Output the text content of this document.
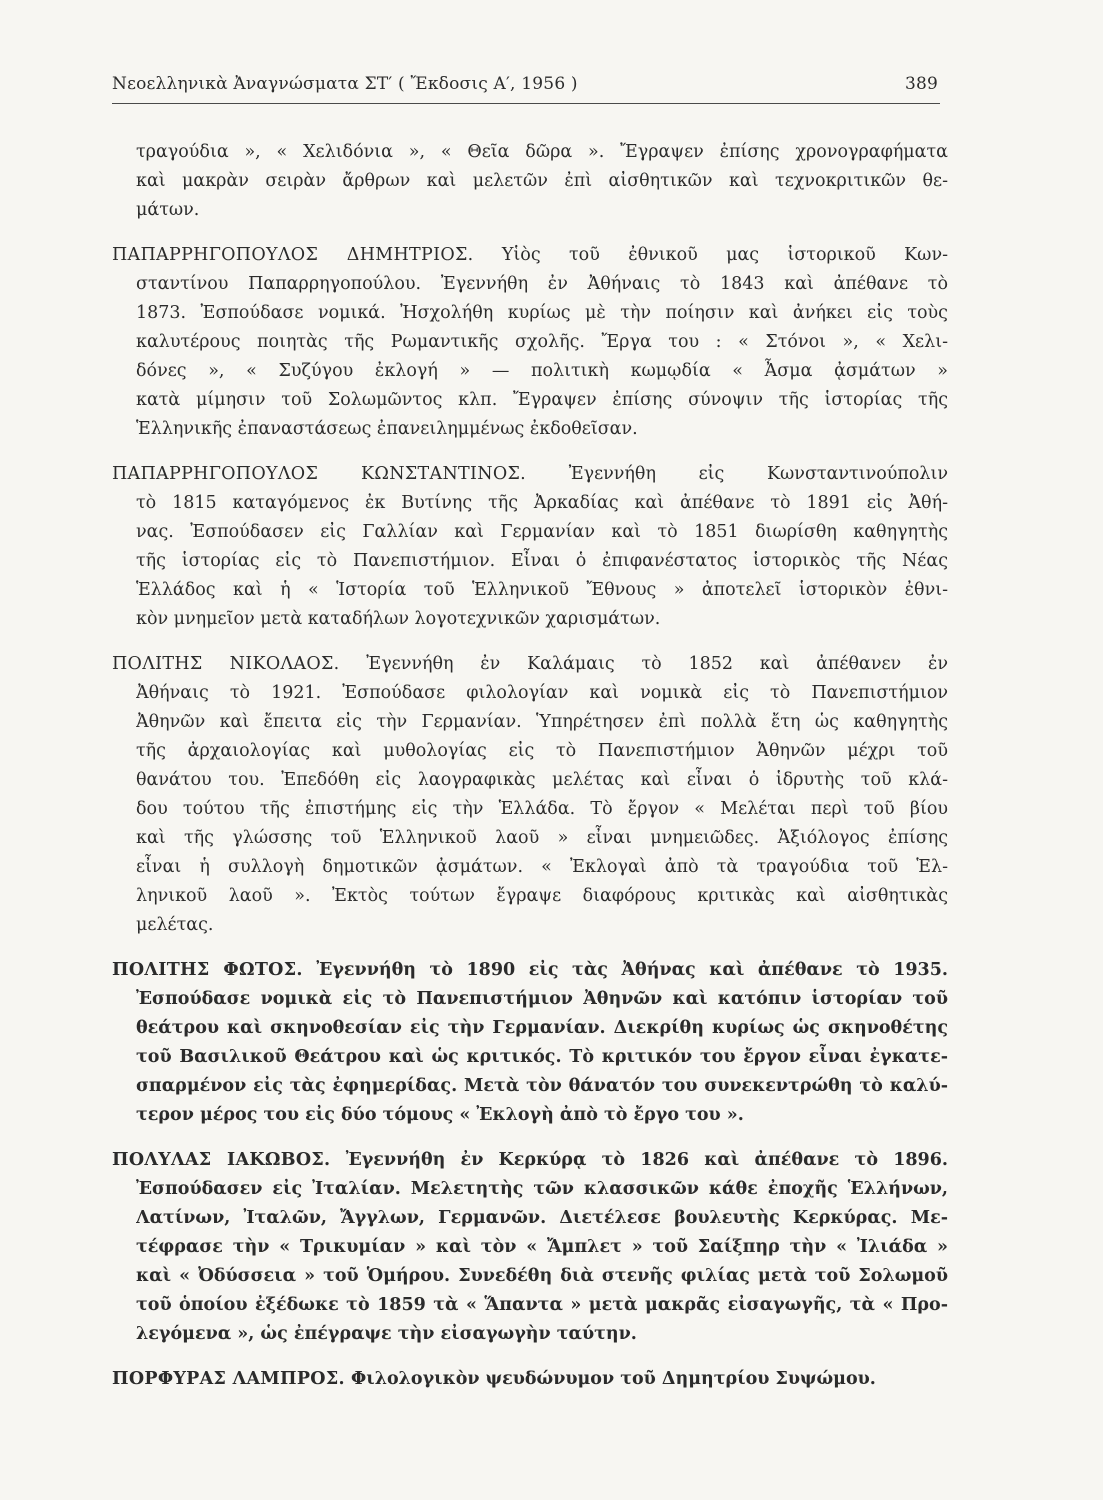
Νεοελληνικὰ Ἀναγνώσματα ΣΤ′ ( Ἔκδοσις Α′, 1956 )	389
τραγούδια », « Χελιδόνια », « Θεῖα δῶρα ». Ἔγραψεν ἐπίσης χρονογραφήματα
καὶ μακρὰν σειρὰν ἄρθρων καὶ μελετῶν ἐπὶ αἰσθητικῶν καὶ τεχνοκριτικῶν θε-
μάτων.
ΠΑΠΑΡΡΗΓΟΠΟΥΛΟΣ ΔΗΜΗΤΡΙΟΣ. Υἱὸς τοῦ ἐθνικοῦ μας ἱστορικοῦ Κων-
σταντίνου Παπαρρηγοπούλου. Ἐγεννήθη ἐν Ἀθήναις τὸ 1843 καὶ ἀπέθανε τὸ
1873. Ἐσπούδασε νομικά. Ἠσχολήθη κυρίως μὲ τὴν ποίησιν καὶ ἀνήκει εἰς τοὺς
καλυτέρους ποιητὰς τῆς Ρωμαντικῆς σχολῆς. Ἔργα του : « Στόνοι », « Χελι-
δόνες », « Συζύγου ἐκλογή » — πολιτικὴ κωμῳδία « Ἆσμα ᾀσμάτων »
κατὰ μίμησιν τοῦ Σολωμῶντος κλπ. Ἔγραψεν ἐπίσης σύνοψιν τῆς ἱστορίας τῆς
Ἑλληνικῆς ἐπαναστάσεως ἐπανειλημμένως ἐκδοθεῖσαν.
ΠΑΠΑΡΡΗΓΟΠΟΥΛΟΣ ΚΩΝΣΤΑΝΤΙΝΟΣ. Ἐγεννήθη εἰς Κωνσταντινούπολιν
τὸ 1815 καταγόμενος ἐκ Βυτίνης τῆς Ἀρκαδίας καὶ ἀπέθανε τὸ 1891 εἰς Ἀθή-
νας. Ἐσπούδασεν εἰς Γαλλίαν καὶ Γερμανίαν καὶ τὸ 1851 διωρίσθη καθηγητὴς
τῆς ἱστορίας εἰς τὸ Πανεπιστήμιον. Εἶναι ὁ ἐπιφανέστατος ἱστορικὸς τῆς Νέας
Ἑλλάδος καὶ ἡ « Ἱστορία τοῦ Ἑλληνικοῦ Ἔθνους » ἀποτελεῖ ἱστορικὸν ἐθνι-
κὸν μνημεῖον μετὰ καταδήλων λογοτεχνικῶν χαρισμάτων.
ΠΟΛΙΤΗΣ ΝΙΚΟΛΑΟΣ. Ἐγεννήθη ἐν Καλάμαις τὸ 1852 καὶ ἀπέθανεν ἐν
Ἀθήναις τὸ 1921. Ἐσπούδασε φιλολογίαν καὶ νομικὰ εἰς τὸ Πανεπιστήμιον
Ἀθηνῶν καὶ ἔπειτα εἰς τὴν Γερμανίαν. Ὑπηρέτησεν ἐπὶ πολλὰ ἔτη ὡς καθηγητὴς
τῆς ἀρχαιολογίας καὶ μυθολογίας εἰς τὸ Πανεπιστήμιον Ἀθηνῶν μέχρι τοῦ
θανάτου του. Ἐπεδόθη εἰς λαογραφικὰς μελέτας καὶ εἶναι ὁ ἱδρυτὴς τοῦ κλά-
δου τούτου τῆς ἐπιστήμης εἰς τὴν Ἑλλάδα. Τὸ ἔργον « Μελέται περὶ τοῦ βίου
καὶ τῆς γλώσσης τοῦ Ἑλληνικοῦ λαοῦ » εἶναι μνημειῶδες. Ἀξιόλογος ἐπίσης
εἶναι ἡ συλλογὴ δημοτικῶν ᾀσμάτων. « Ἐκλογαὶ ἀπὸ τὰ τραγούδια τοῦ Ἑλ-
ληνικοῦ λαοῦ ». Ἐκτὸς τούτων ἔγραψε διαφόρους κριτικὰς καὶ αἰσθητικὰς
μελέτας.
ΠΟΛΙΤΗΣ ΦΩΤΟΣ. Ἐγεννήθη τὸ 1890 εἰς τὰς Ἀθήνας καὶ ἀπέθανε τὸ 1935.
Ἐσπούδασε νομικὰ εἰς τὸ Πανεπιστήμιον Ἀθηνῶν καὶ κατόπιν ἱστορίαν τοῦ
θεάτρου καὶ σκηνοθεσίαν εἰς τὴν Γερμανίαν. Διεκρίθη κυρίως ὡς σκηνοθέτης
τοῦ Βασιλικοῦ Θεάτρου καὶ ὡς κριτικός. Τὸ κριτικόν του ἔργον εἶναι ἐγκατε-
σπαρμένον εἰς τὰς ἐφημερίδας. Μετὰ τὸν θάνατόν του συνεκεντρώθη τὸ καλύ-
τερον μέρος του εἰς δύο τόμους « Ἐκλογὴ ἀπὸ τὸ ἔργο του ».
ΠΟΛΥΛΑΣ ΙΑΚΩΒΟΣ. Ἐγεννήθη ἐν Κερκύρᾳ τὸ 1826 καὶ ἀπέθανε τὸ 1896.
Ἐσπούδασεν εἰς Ἰταλίαν. Μελετητὴς τῶν κλασσικῶν κάθε ἐποχῆς Ἑλλήνων,
Λατίνων, Ἰταλῶν, Ἄγγλων, Γερμανῶν. Διετέλεσε βουλευτὴς Κερκύρας. Με-
τέφρασε τὴν « Τρικυμίαν » καὶ τὸν « Ἄμπλετ » τοῦ Σαίξπηρ τὴν « Ἰλιάδα »
καὶ « Ὀδύσσεια » τοῦ Ὁμήρου. Συνεδέθη διὰ στενῆς φιλίας μετὰ τοῦ Σολωμοῦ
τοῦ ὁποίου ἐξέδωκε τὸ 1859 τὰ « Ἅπαντα » μετὰ μακρᾶς εἰσαγωγῆς, τὰ « Προ-
λεγόμενα », ὡς ἐπέγραψε τὴν εἰσαγωγὴν ταύτην.
ΠΟΡΦΥΡΑΣ ΛΑΜΠΡΟΣ. Φιλολογικὸν ψευδώνυμον τοῦ Δημητρίου Συψώμου.
